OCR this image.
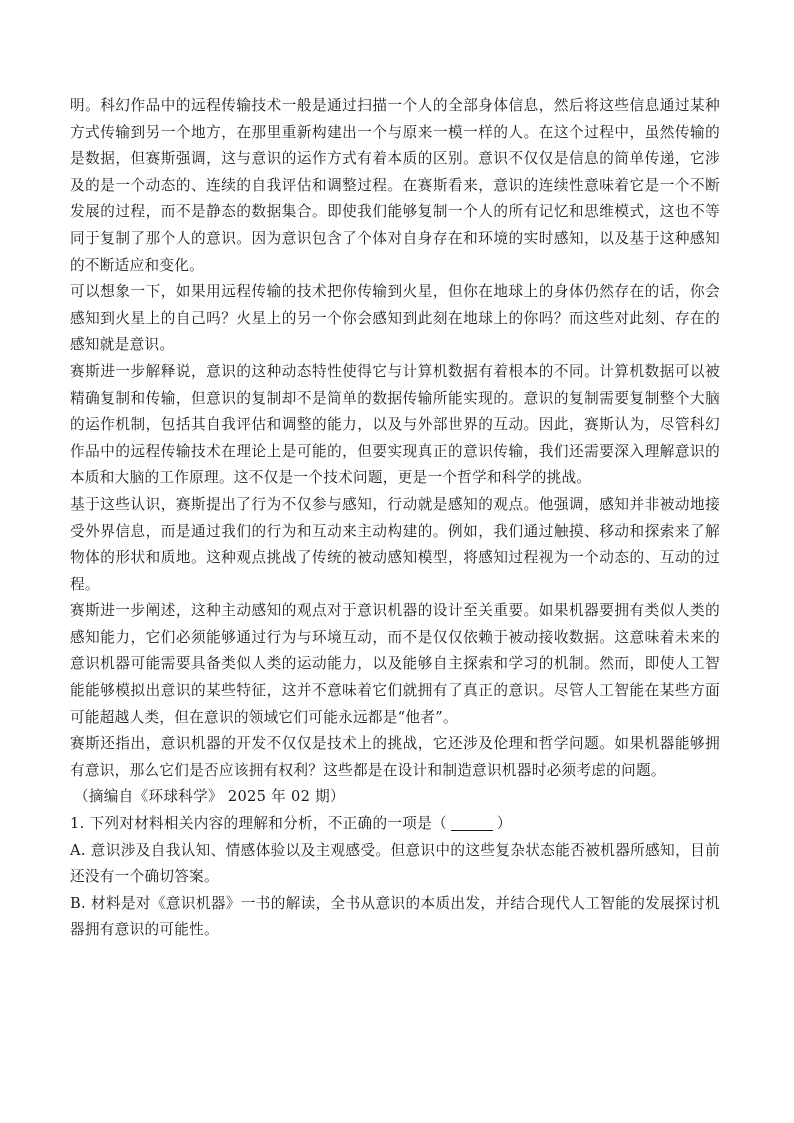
明。科幻作品中的远程传输技术一般是通过扫描一个人的全部身体信息，然后将这些信息通过某种方式传输到另一个地方，在那里重新构建出一个与原来一模一样的人。在这个过程中，虽然传输的是数据，但赛斯强调，这与意识的运作方式有着本质的区别。意识不仅仅是信息的简单传递，它涉及的是一个动态的、连续的自我评估和调整过程。在赛斯看来，意识的连续性意味着它是一个不断发展的过程，而不是静态的数据集合。即使我们能够复制一个人的所有记忆和思维模式，这也不等同于复制了那个人的意识。因为意识包含了个体对自身存在和环境的实时感知，以及基于这种感知的不断适应和变化。

可以想象一下，如果用远程传输的技术把你传输到火星，但你在地球上的身体仍然存在的话，你会感知到火星上的自己吗？火星上的另一个你会感知到此刻在地球上的你吗？而这些对此刻、存在的感知就是意识。

赛斯进一步解释说，意识的这种动态特性使得它与计算机数据有着根本的不同。计算机数据可以被精确复制和传输，但意识的复制却不是简单的数据传输所能实现的。意识的复制需要复制整个大脑的运作机制，包括其自我评估和调整的能力，以及与外部世界的互动。因此，赛斯认为，尽管科幻作品中的远程传输技术在理论上是可能的，但要实现真正的意识传输，我们还需要深入理解意识的本质和大脑的工作原理。这不仅是一个技术问题，更是一个哲学和科学的挑战。

基于这些认识，赛斯提出了行为不仅参与感知，行动就是感知的观点。他强调，感知并非被动地接受外界信息，而是通过我们的行为和互动来主动构建的。例如，我们通过触摸、移动和探索来了解物体的形状和质地。这种观点挑战了传统的被动感知模型，将感知过程视为一个动态的、互动的过程。

赛斯进一步阐述，这种主动感知的观点对于意识机器的设计至关重要。如果机器要拥有类似人类的感知能力，它们必须能够通过行为与环境互动，而不是仅仅依赖于被动接收数据。这意味着未来的意识机器可能需要具备类似人类的运动能力，以及能够自主探索和学习的机制。然而，即使人工智能能够模拟出意识的某些特征，这并不意味着它们就拥有了真正的意识。尽管人工智能在某些方面可能超越人类，但在意识的领域它们可能永远都是“他者”。

赛斯还指出，意识机器的开发不仅仅是技术上的挑战，它还涉及伦理和哲学问题。如果机器能够拥有意识，那么它们是否应该拥有权利？这些都是在设计和制造意识机器时必须考虑的问题。

（摘编自《环球科学》 2025 年 02 期）

1. 下列对材料相关内容的理解和分析，不正确的一项是（	）

A. 意识涉及自我认知、情感体验以及主观感受。但意识中的这些复杂状态能否被机器所感知，目前还没有一个确切答案。

B. 材料是对《意识机器》一书的解读，全书从意识的本质出发，并结合现代人工智能的发展探讨机器拥有意识的可能性。
